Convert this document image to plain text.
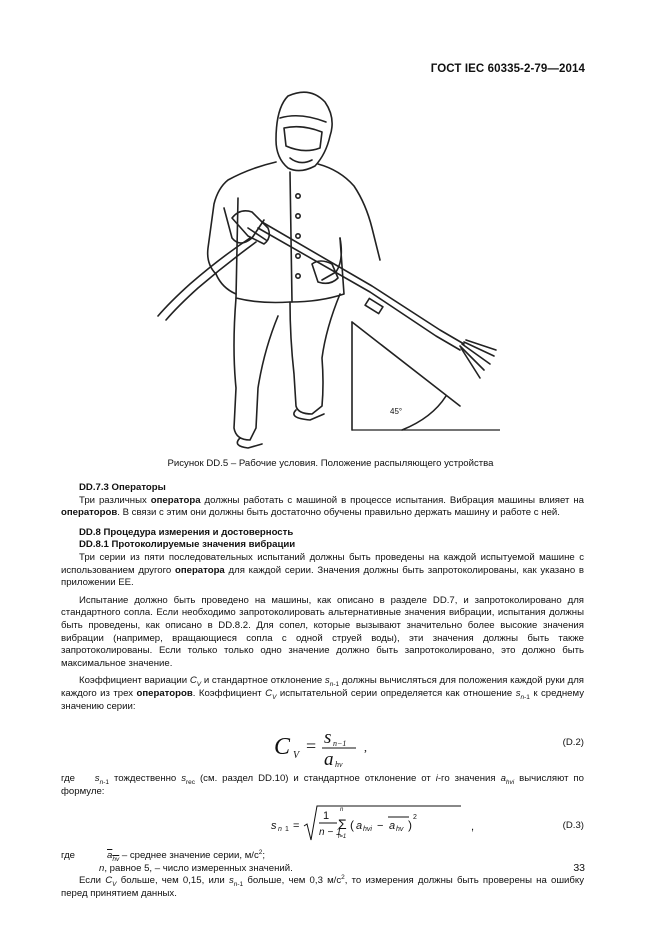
ГОСТ IEC 60335-2-79—2014
45°
Рисунок DD.5 – Рабочие условия. Положение распыляющего устройства

DD.7.3 Операторы

Три различных оператора должны работать с машиной в процессе испытания. Вибрация машины влияет на операторов. В связи с этим они должны быть достаточно обучены правильно держать машину и работе с ней.

DD.8 Процедура измерения и достоверность

DD.8.1 Протоколируемые значения вибрации

Три серии из пяти последовательных испытаний должны быть проведены на каждой испытуемой машине с использованием другого оператора для каждой серии. Значения должны быть запротоколированы, как указано в приложении ЕЕ.

Испытание должно быть проведено на машины, как описано в разделе DD.7, и запротоколировано для стандартного сопла. Если необходимо запротоколировать альтернативные значения вибрации, испытания должны быть проведены, как описано в DD.8.2. Для сопел, которые вызывают значительно более высокие значения вибрации (например, вращающиеся сопла с одной струей воды), эти значения должны быть также запротоколированы. Если только только одно значение должно быть запротоколировано, это должно быть максимальное значение.

Коэффициент вариации $C_V$ и стандартное отклонение $s_{n-1}$ должны вычисляться для положения каждой руки для каждого из трех операторов. Коэффициент $C_V$ испытательной серии определяется как отношение $s_{n-1}$ к среднему значению серии:

C V = s n−1
a hv
,	(D.2)

где $s_{n-1}$ тождественно $s_{rec}$ (см. раздел DD.10) и стандартное отклонение от i-го значения $a_{hvi}$ вычисляют по формуле:

s n 1 =
1
n − 1
n
Σ
i=1
( a hvi − a hv )
2
,	(D.3)

где	$a_{hv}$ – среднее значение серии, $м/с^2$;

n, равное 5, – число измеренных значений.

Если $C_V$ больше, чем 0,15, или $s_{n-1}$ больше, чем 0,3 $м/с^2$, то измерения должны быть проверены на ошибку перед принятием данных.

33
